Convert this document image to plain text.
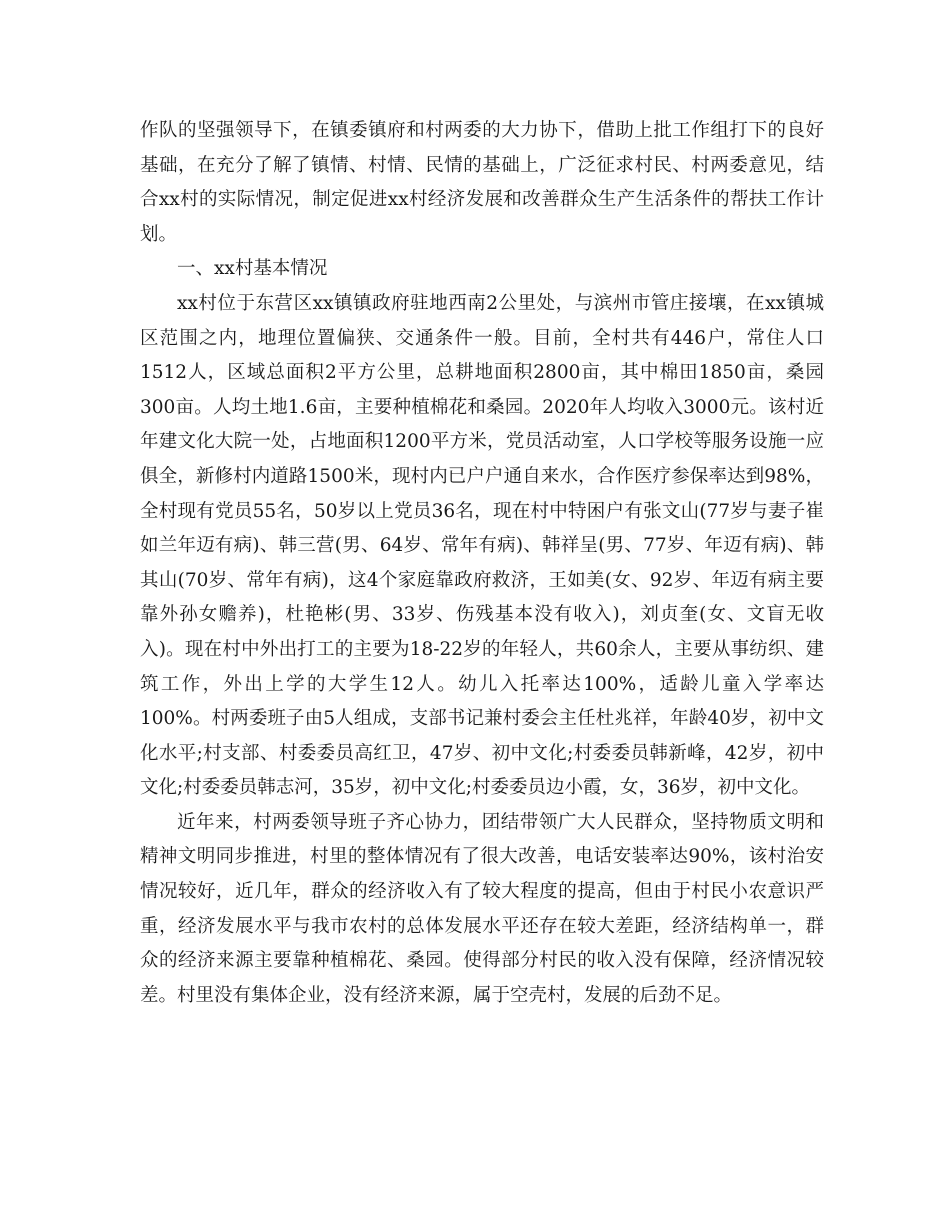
作队的坚强领导下，在镇委镇府和村两委的大力协下，借助上批工作组打下的良好基础，在充分了解了镇情、村情、民情的基础上，广泛征求村民、村两委意见，结合xx村的实际情况，制定促进xx村经济发展和改善群众生产生活条件的帮扶工作计划。

一、xx村基本情况

xx村位于东营区xx镇镇政府驻地西南2公里处，与滨州市管庄接壤，在xx镇城区范围之内，地理位置偏狭、交通条件一般。目前，全村共有446户，常住人口1512人，区域总面积2平方公里，总耕地面积2800亩，其中棉田1850亩，桑园300亩。人均土地1.6亩，主要种植棉花和桑园。2020年人均收入3000元。该村近年建文化大院一处，占地面积1200平方米，党员活动室，人口学校等服务设施一应俱全，新修村内道路1500米，现村内已户户通自来水，合作医疗参保率达到98%，全村现有党员55名，50岁以上党员36名，现在村中特困户有张文山(77岁与妻子崔如兰年迈有病)、韩三营(男、64岁、常年有病)、韩祥呈(男、77岁、年迈有病)、韩其山(70岁、常年有病)，这4个家庭靠政府救济，王如美(女、92岁、年迈有病主要靠外孙女赡养)，杜艳彬(男、33岁、伤残基本没有收入)，刘贞奎(女、文盲无收入)。现在村中外出打工的主要为18-22岁的年轻人，共60余人，主要从事纺织、建筑工作，外出上学的大学生12人。幼儿入托率达100%，适龄儿童入学率达100%。村两委班子由5人组成，支部书记兼村委会主任杜兆祥，年龄40岁，初中文化水平;村支部、村委委员高红卫，47岁、初中文化;村委委员韩新峰，42岁，初中文化;村委委员韩志河，35岁，初中文化;村委委员边小霞，女，36岁，初中文化。

近年来，村两委领导班子齐心协力，团结带领广大人民群众，坚持物质文明和精神文明同步推进，村里的整体情况有了很大改善，电话安装率达90%，该村治安情况较好，近几年，群众的经济收入有了较大程度的提高，但由于村民小农意识严重，经济发展水平与我市农村的总体发展水平还存在较大差距，经济结构单一，群众的经济来源主要靠种植棉花、桑园。使得部分村民的收入没有保障，经济情况较差。村里没有集体企业，没有经济来源，属于空壳村，发展的后劲不足。
